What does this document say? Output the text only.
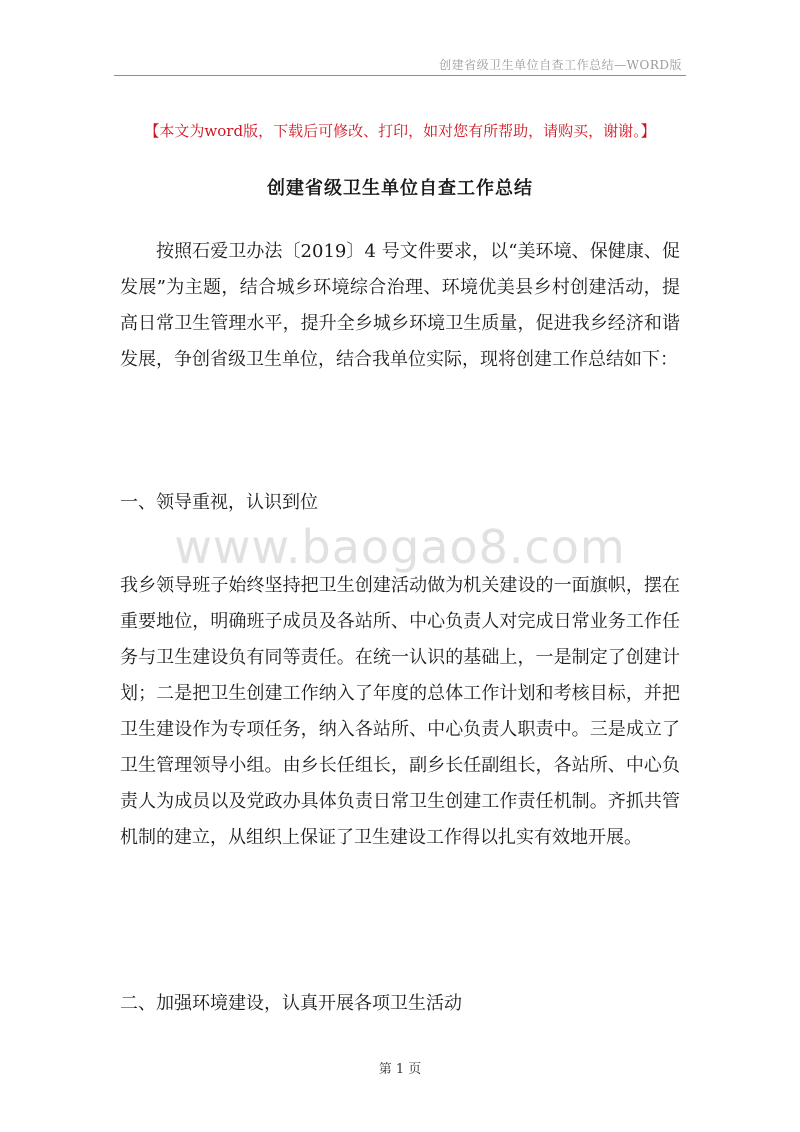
创建省级卫生单位自查工作总结—WORD版
【本文为word版，下载后可修改、打印，如对您有所帮助，请购买，谢谢。】
创建省级卫生单位自查工作总结
按照石爱卫办法〔2019〕4 号文件要求，以“美环境、保健康、促发展”为主题，结合城乡环境综合治理、环境优美县乡村创建活动，提高日常卫生管理水平，提升全乡城乡环境卫生质量，促进我乡经济和谐发展，争创省级卫生单位，结合我单位实际，现将创建工作总结如下：
一、领导重视，认识到位
www.baogao8.com
我乡领导班子始终坚持把卫生创建活动做为机关建设的一面旗帜，摆在重要地位，明确班子成员及各站所、中心负责人对完成日常业务工作任务与卫生建设负有同等责任。在统一认识的基础上，一是制定了创建计划；二是把卫生创建工作纳入了年度的总体工作计划和考核目标，并把卫生建设作为专项任务，纳入各站所、中心负责人职责中。三是成立了卫生管理领导小组。由乡长任组长，副乡长任副组长，各站所、中心负责人为成员以及党政办具体负责日常卫生创建工作责任机制。齐抓共管机制的建立，从组织上保证了卫生建设工作得以扎实有效地开展。
二、加强环境建设，认真开展各项卫生活动
第 1 页
